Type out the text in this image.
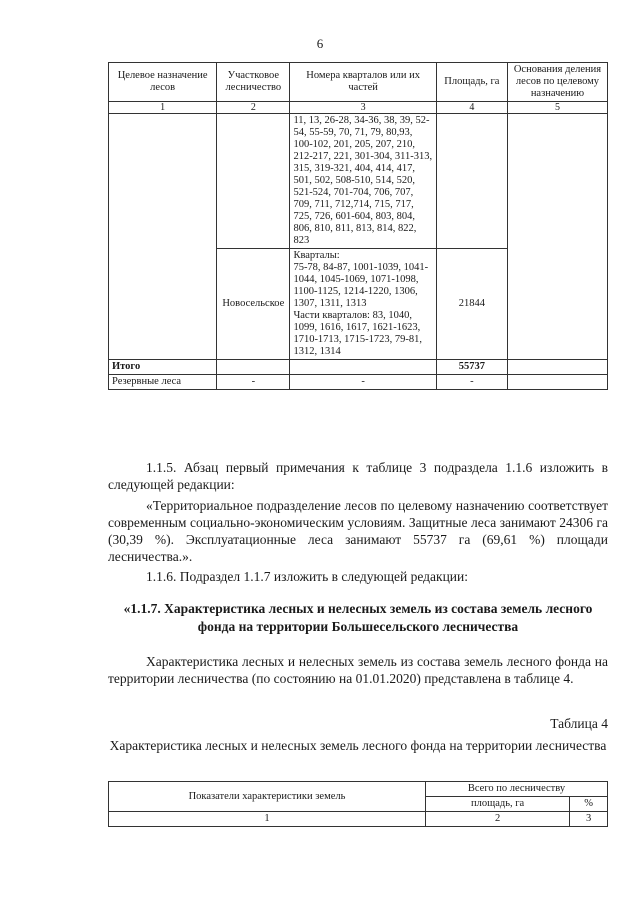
6
Целевое назначение лесов	Участковое лесничество	Номера кварталов или их частей	Площадь, га	Основания деления лесов по целевому назначению
1	2	3	4	5
		11, 13, 26-28, 34-36, 38, 39, 52-54, 55-59, 70, 71, 79, 80,93, 100-102, 201, 205, 207, 210, 212-217, 221, 301-304, 311-313, 315, 319-321, 404, 414, 417, 501, 502, 508-510, 514, 520, 521-524, 701-704, 706, 707, 709, 711, 712,714, 715, 717, 725, 726, 601-604, 803, 804, 806, 810, 811, 813, 814, 822, 823		
	Новосельское	Кварталы:
75-78, 84-87, 1001-1039, 1041-1044, 1045-1069, 1071-1098, 1100-1125, 1214-1220, 1306, 1307, 1311, 1313
Части кварталов: 83, 1040, 1099, 1616, 1617, 1621-1623, 1710-1713, 1715-1723, 79-81, 1312, 1314	21844	
Итого			55737	
Резервные леса	-	-	-	
1.1.5. Абзац первый примечания к таблице 3 подраздела 1.1.6 изложить в следующей редакции:
«Территориальное подразделение лесов по целевому назначению соответствует современным социально-экономическим условиям. Защитные леса занимают 24306 га (30,39 %). Эксплуатационные леса занимают 55737 га (69,61 %) площади лесничества.».
1.1.6. Подраздел 1.1.7 изложить в следующей редакции:
«1.1.7. Характеристика лесных и нелесных земель из состава земель лесного фонда на территории Большесельского лесничества
Характеристика лесных и нелесных земель из состава земель лесного фонда на территории лесничества (по состоянию на 01.01.2020) представлена в таблице 4.
Таблица 4
Характеристика лесных и нелесных земель лесного фонда на территории лесничества
Показатели характеристики земель	Всего по лесничеству	
	площадь, га	%
1	2	3
